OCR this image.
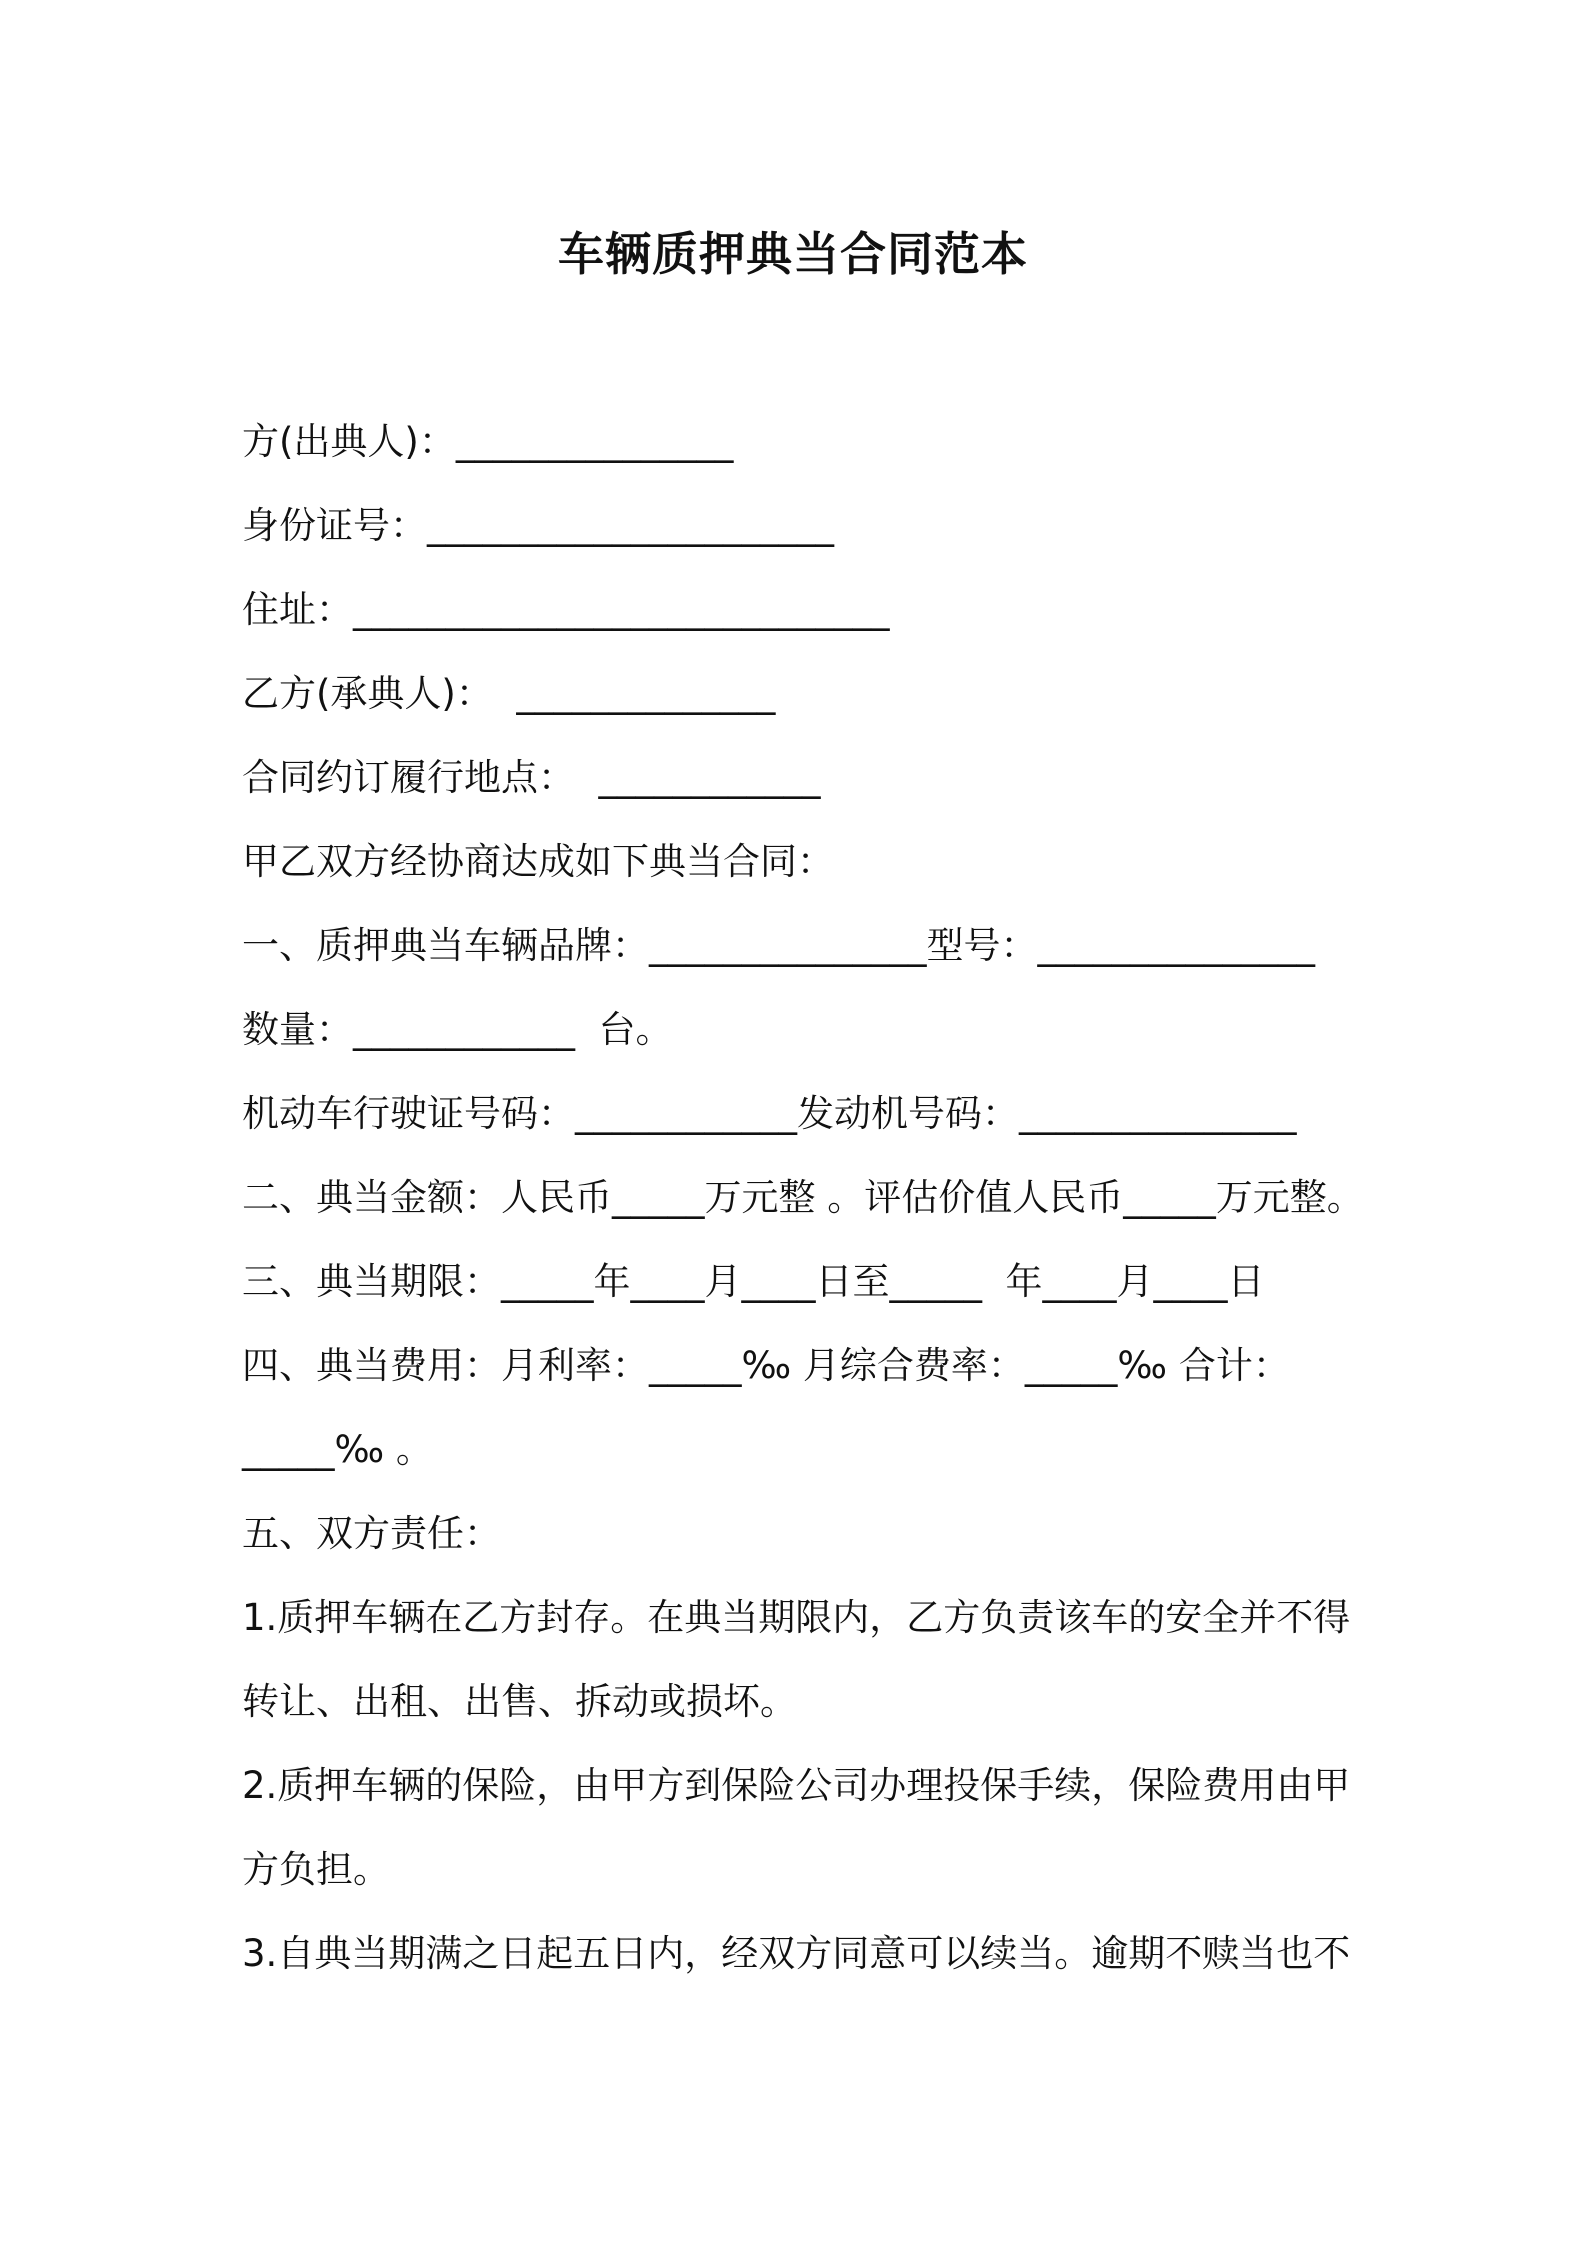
车辆质押典当合同范本

方(出典人)：_______________

身份证号：______________________

住址：_____________________________

乙方(承典人)：  ______________

合同约订履行地点：  ____________

甲乙双方经协商达成如下典当合同：

一、质押典当车辆品牌：_______________型号：_______________

数量：____________  台。

机动车行驶证号码：____________发动机号码：_______________

二、典当金额：人民币_____万元整 。评估价值人民币_____万元整。

三、典当期限：_____年____月____日至_____  年____月____日

四、典当费用：月利率：_____‰ 月综合费率：_____‰ 合计：

_____‰ 。

五、双方责任：

1.质押车辆在乙方封存。在典当期限内，乙方负责该车的安全并不得

转让、出租、出售、拆动或损坏。

2.质押车辆的保险，由甲方到保险公司办理投保手续，保险费用由甲

方负担。

3.自典当期满之日起五日内，经双方同意可以续当。逾期不赎当也不
